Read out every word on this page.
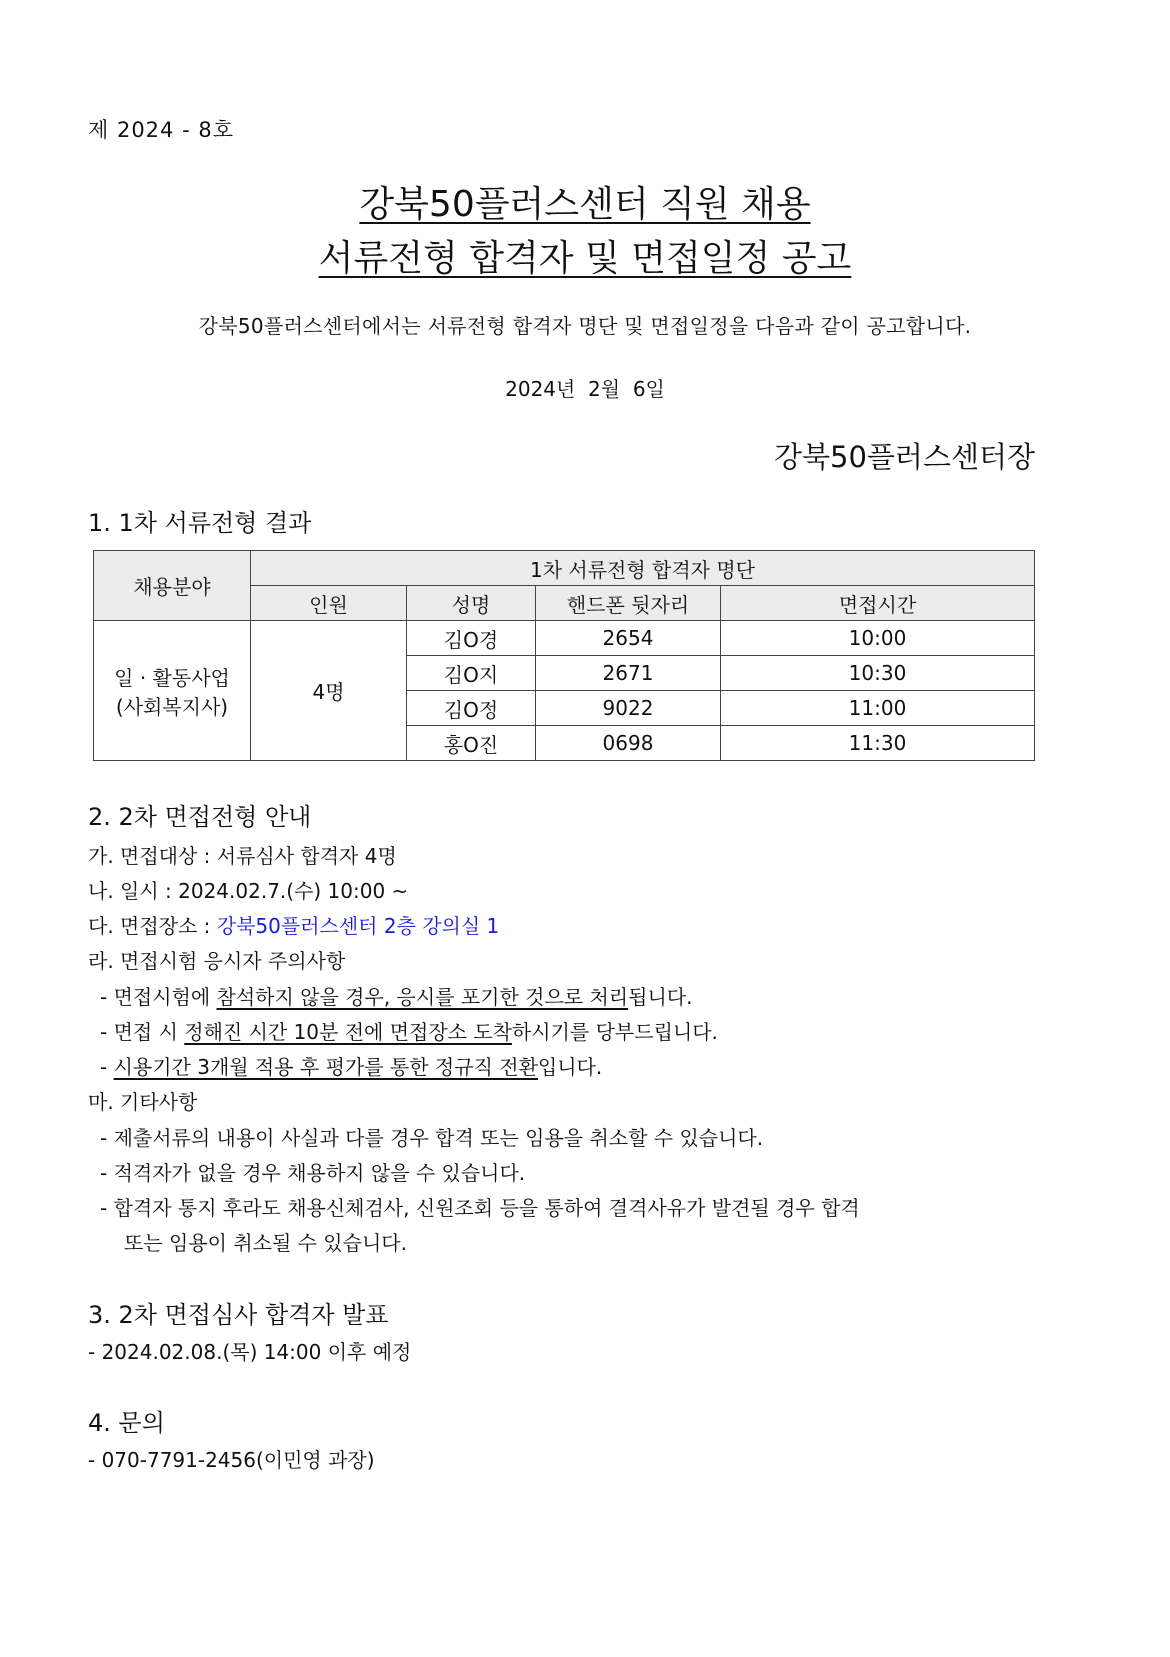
제 2024 - 8호
강북50플러스센터 직원 채용
서류전형 합격자 및 면접일정 공고
강북50플러스센터에서는 서류전형 합격자 명단 및 면접일정을 다음과 같이 공고합니다.
2024년  2월  6일
강북50플러스센터장
1. 1차 서류전형 결과
채용분야	1차 서류전형 합격자 명단			
	인원	성명	핸드폰 뒷자리	면접시간

일 · 활동사업
(사회복지사)	4명	김O경	2654	10:00
		김O지	2671	10:30
		김O정	9022	11:00
		홍O진	0698	11:30
2. 2차 면접전형 안내
가. 면접대상 : 서류심사 합격자 4명
나. 일시 : 2024.02.7.(수) 10:00 ~
다. 면접장소 : 강북50플러스센터 2층 강의실 1
라. 면접시험 응시자 주의사항
- 면접시험에 참석하지 않을 경우, 응시를 포기한 것으로 처리됩니다.
- 면접 시 정해진 시간 10분 전에 면접장소 도착하시기를 당부드립니다.
- 시용기간 3개월 적용 후 평가를 통한 정규직 전환입니다.
마. 기타사항
- 제출서류의 내용이 사실과 다를 경우 합격 또는 임용을 취소할 수 있습니다.
- 적격자가 없을 경우 채용하지 않을 수 있습니다.
- 합격자 통지 후라도 채용신체검사, 신원조회 등을 통하여 결격사유가 발견될 경우 합격
또는 임용이 취소될 수 있습니다.
3. 2차 면접심사 합격자 발표
- 2024.02.08.(목) 14:00 이후 예정
4. 문의
- 070-7791-2456(이민영 과장)
